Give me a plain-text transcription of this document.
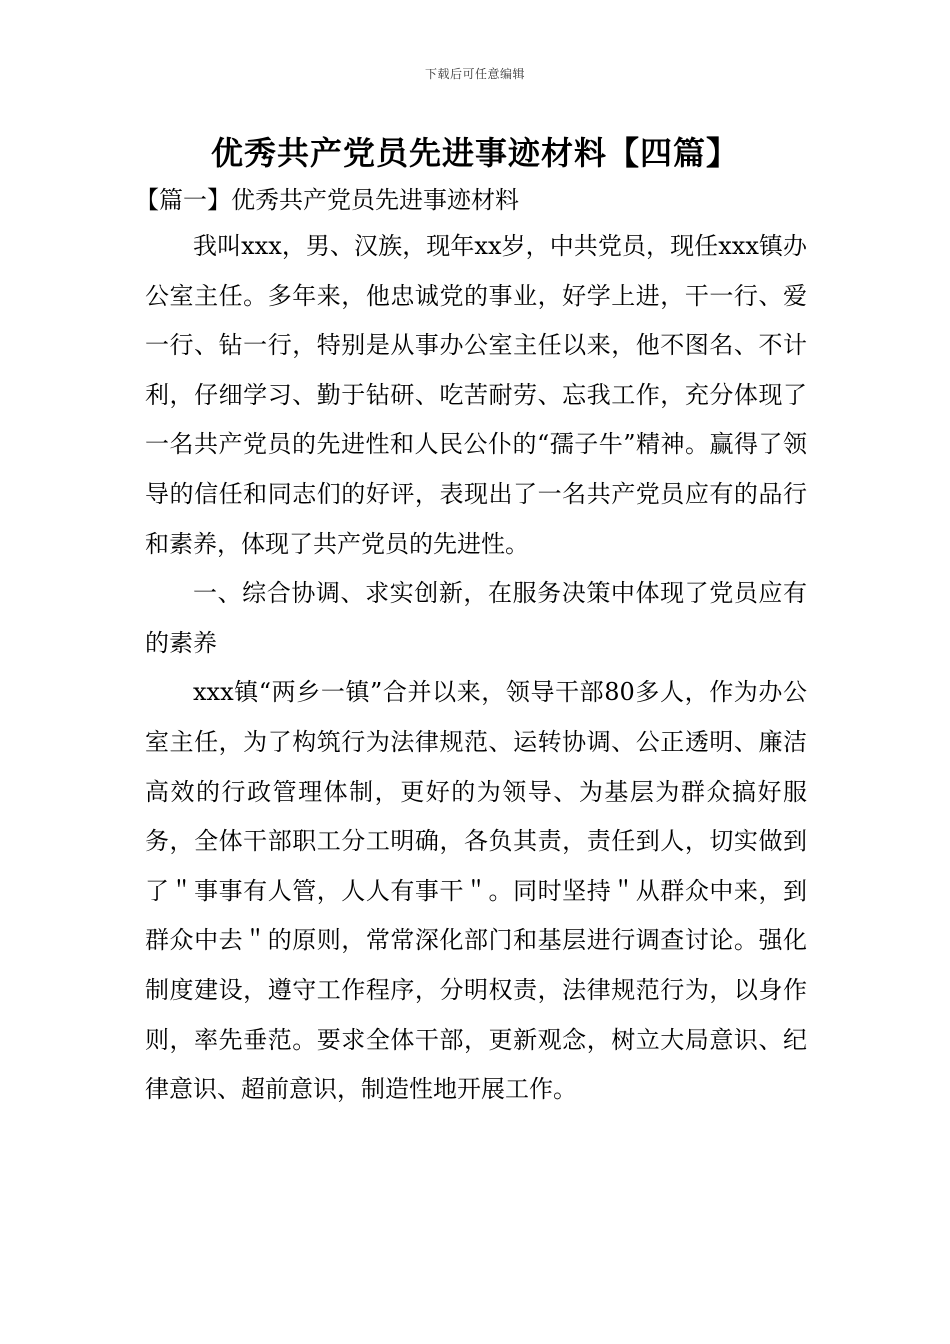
下载后可任意编辑
优秀共产党员先进事迹材料【四篇】

【篇一】优秀共产党员先进事迹材料

我叫xxx，男、汉族，现年xx岁，中共党员，现任xxx镇办公室主任。多年来，他忠诚党的事业，好学上进，干一行、爱一行、钻一行，特别是从事办公室主任以来，他不图名、不计利，仔细学习、勤于钻研、吃苦耐劳、忘我工作，充分体现了一名共产党员的先进性和人民公仆的“孺子牛”精神。赢得了领导的信任和同志们的好评，表现出了一名共产党员应有的品行和素养，体现了共产党员的先进性。

一、综合协调、求实创新，在服务决策中体现了党员应有的素养

xxx镇“两乡一镇”合并以来，领导干部80多人，作为办公室主任，为了构筑行为法律规范、运转协调、公正透明、廉洁高效的行政管理体制，更好的为领导、为基层为群众搞好服务，全体干部职工分工明确，各负其责，责任到人，切实做到了＂事事有人管，人人有事干＂。同时坚持＂从群众中来，到群众中去＂的原则，常常深化部门和基层进行调查讨论。强化制度建设，遵守工作程序，分明权责，法律规范行为，以身作则，率先垂范。要求全体干部，更新观念，树立大局意识、纪律意识、超前意识，制造性地开展工作。
